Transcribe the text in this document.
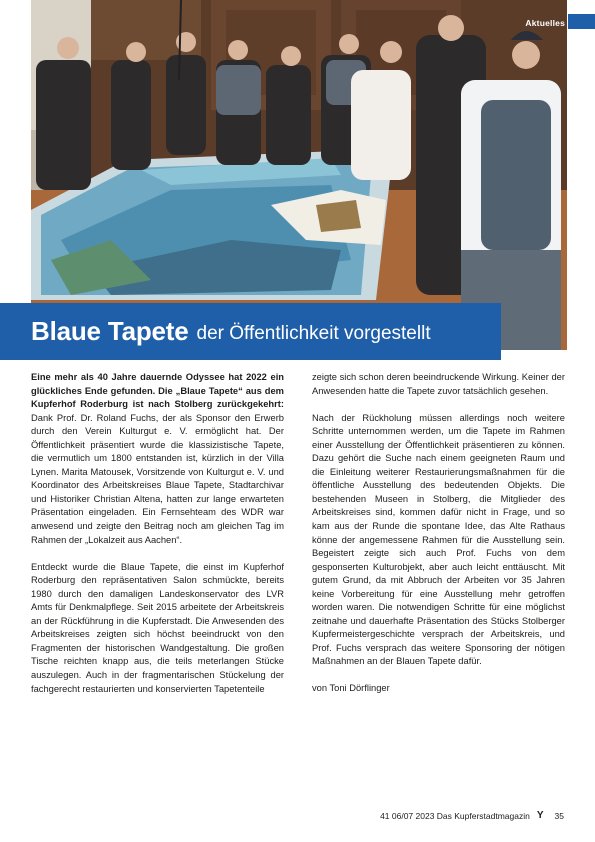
Aktuelles
Blaue Tapete der Öffentlichkeit vorgestellt

Eine mehr als 40 Jahre dauernde Odyssee hat 2022 ein glückliches Ende gefunden. Die „Blaue Tapete“ aus dem Kupferhof Roderburg ist nach Stolberg zurückgekehrt: Dank Prof. Dr. Roland Fuchs, der als Sponsor den Erwerb durch den Verein Kulturgut e. V. ermöglicht hat. Der Öffentlichkeit präsentiert wurde die klassizistische Tapete, die vermutlich um 1800 entstanden ist, kürzlich in der Villa Lynen. Marita Matousek, Vorsitzende von Kulturgut e. V. und Koordinator des Arbeitskreises Blaue Tapete, Stadtarchivar und Historiker Christian Altena, hatten zur lange erwarteten Präsentation eingeladen. Ein Fernsehteam des WDR war anwesend und zeigte den Beitrag noch am gleichen Tag im Rahmen der „Lokalzeit aus Aachen“.

Entdeckt wurde die Blaue Tapete, die einst im Kupferhof Roderburg den repräsentativen Salon schmückte, bereits 1980 durch den damaligen Landeskonservator des LVR Amts für Denkmalpflege. Seit 2015 arbeitete der Arbeitskreis an der Rückführung in die Kupferstadt. Die Anwesenden des Arbeitskreises zeigten sich höchst beeindruckt von den Fragmenten der historischen Wandgestaltung. Die großen Tische reichten knapp aus, die teils meterlangen Stücke auszulegen. Auch in der fragmentarischen Stückelung der fachgerecht restaurierten und konservierten Tapetenteile

zeigte sich schon deren beeindruckende Wirkung. Keiner der Anwesenden hatte die Tapete zuvor tatsächlich gesehen.

Nach der Rückholung müssen allerdings noch weitere Schritte unternommen werden, um die Tapete im Rahmen einer Ausstellung der Öffentlichkeit präsentieren zu können. Dazu gehört die Suche nach einem geeigneten Raum und die Einleitung weiterer Restaurierungsmaßnahmen für die öffentliche Ausstellung des bedeutenden Objekts. Die bestehenden Museen in Stolberg, die Mitglieder des Arbeitskreises sind, kommen dafür nicht in Frage, und so kam aus der Runde die spontane Idee, das Alte Rathaus könne der angemessene Rahmen für die Ausstellung sein. Begeistert zeigte sich auch Prof. Fuchs von dem gesponserten Kulturobjekt, aber auch leicht enttäuscht. Mit gutem Grund, da mit Abbruch der Arbeiten vor 35 Jahren keine Vorbereitung für eine Ausstellung mehr getroffen worden waren. Die notwendigen Schritte für eine möglichst zeitnahe und dauerhafte Präsentation des Stücks Stolberger Kupfermeistergeschichte versprach der Arbeitskreis, und Prof. Fuchs versprach das weitere Sponsoring der nötigen Maßnahmen an der Blauen Tapete dafür.

von Toni Dörflinger

41 06/07 2023 Das Kupferstadtmagazin Y 35
